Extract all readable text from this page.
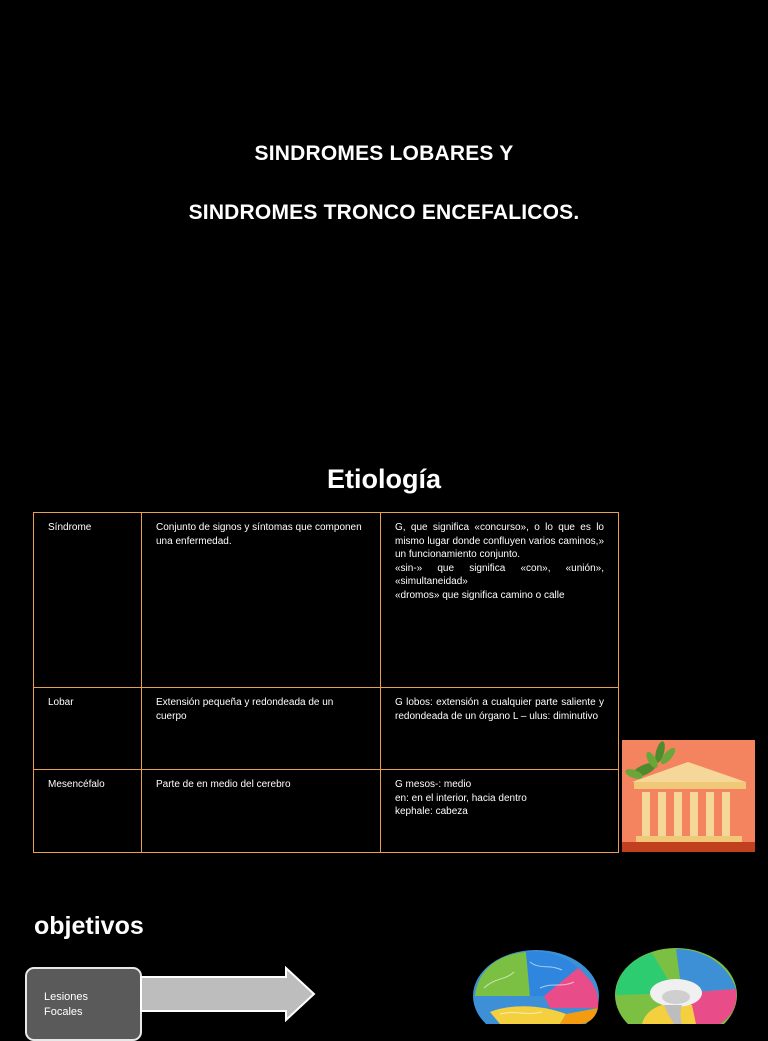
SINDROMES LOBARES Y
SINDROMES TRONCO ENCEFALICOS.
Etiología
Síndrome	Conjunto de signos y síntomas que componen una enfermedad.	G, que significa «concurso», o lo que es lo mismo lugar donde confluyen varios caminos,» un funcionamiento conjunto.
«sin-» que significa «con», «unión», «simultaneidad»
«dromos» que significa camino o calle
Lobar	Extensión pequeña y redondeada de un cuerpo	G lobos: extensión a cualquier parte saliente y redondeada de un órgano L – ulus: diminutivo
Mesencéfalo	Parte de en medio del cerebro	G mesos-: medio
en: en el interior, hacia dentro
kephale: cabeza
objetivos
Lesiones Focales
